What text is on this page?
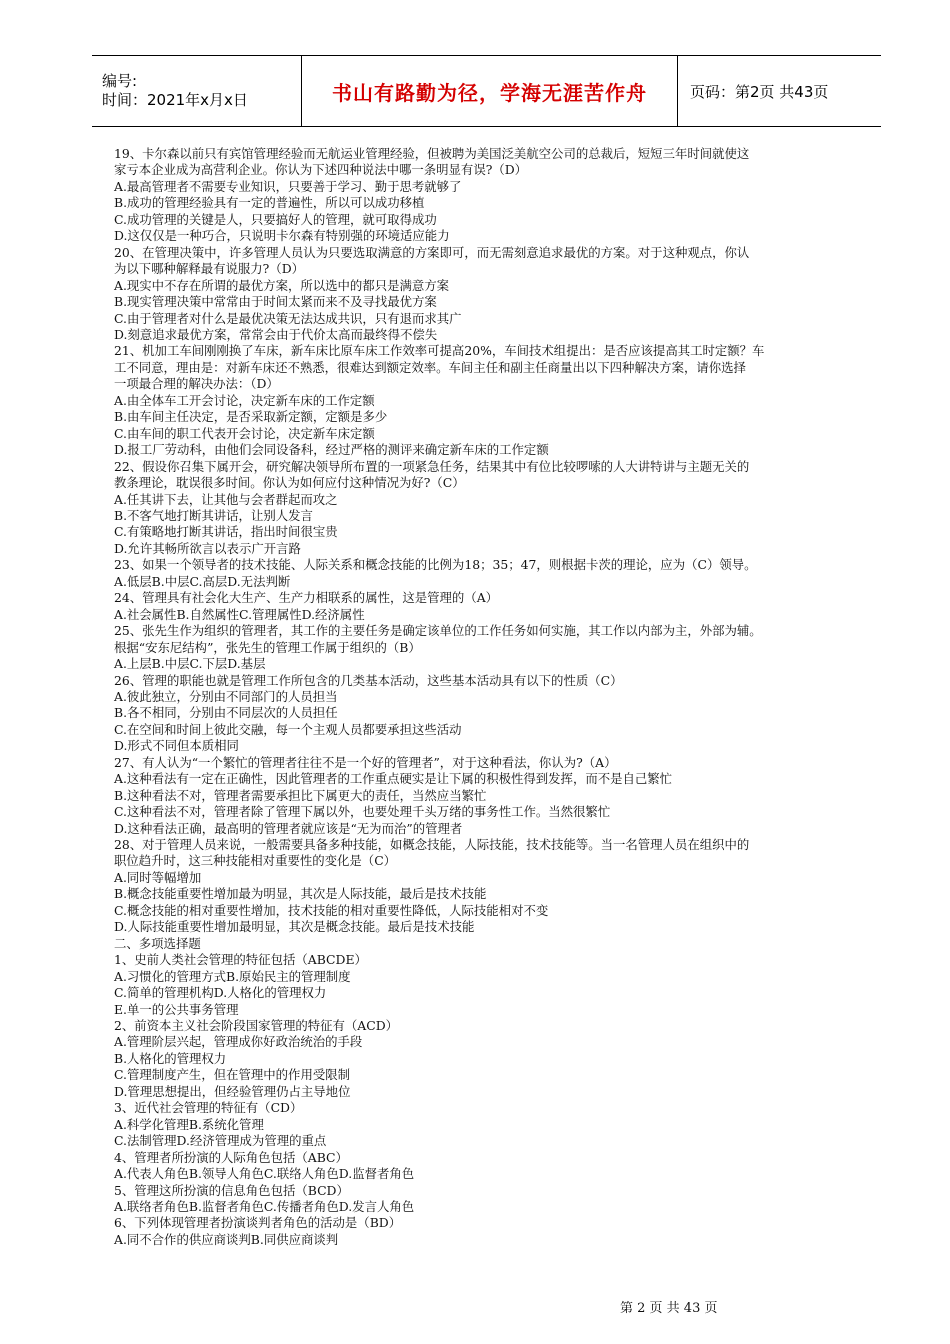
编号:
时间：2021年x月x日	书山有路勤为径，学海无涯苦作舟	页码：第2页 共43页

19、卡尔森以前只有宾馆管理经验而无航运业管理经验，但被聘为美国泛美航空公司的总裁后，短短三年时间就使这

家亏本企业成为高营利企业。你认为下述四种说法中哪一条明显有误?（D）

A.最高管理者不需要专业知识，只要善于学习、勤于思考就够了

B.成功的管理经验具有一定的普遍性，所以可以成功移植

C.成功管理的关键是人，只要搞好人的管理，就可取得成功

D.这仅仅是一种巧合，只说明卡尔森有特别强的环境适应能力

20、在管理决策中，许多管理人员认为只要选取满意的方案即可，而无需刻意追求最优的方案。对于这种观点，你认

为以下哪种解释最有说服力?（D）

A.现实中不存在所谓的最优方案，所以选中的都只是满意方案

B.现实管理决策中常常由于时间太紧而来不及寻找最优方案

C.由于管理者对什么是最优决策无法达成共识，只有退而求其广

D.刻意追求最优方案，常常会由于代价太高而最终得不偿失

21、机加工车间刚刚换了车床，新车床比原车床工作效率可提高20%，车间技术组提出：是否应该提高其工时定额？车

工不同意，理由是：对新车床还不熟悉，很难达到额定效率。车间主任和副主任商量出以下四种解决方案，请你选择

一项最合理的解决办法：（D）

A.由全体车工开会讨论，决定新车床的工作定额

B.由车间主任决定，是否采取新定额，定额是多少

C.由车间的职工代表开会讨论，决定新车床定额

D.报工厂劳动科，由他们会同设备科，经过严格的测评来确定新车床的工作定额

22、假设你召集下属开会，研究解决领导所布置的一项紧急任务，结果其中有位比较啰嗦的人大讲特讲与主题无关的

教条理论，耽误很多时间。你认为如何应付这种情况为好?（C）

A.任其讲下去，让其他与会者群起而攻之

B.不客气地打断其讲话，让别人发言

C.有策略地打断其讲话，指出时间很宝贵

D.允许其畅所欲言以表示广开言路

23、如果一个领导者的技术技能、人际关系和概念技能的比例为18；35；47，则根据卡茨的理论，应为（C）领导。

A.低层B.中层C.高层D.无法判断

24、管理具有社会化大生产、生产力相联系的属性，这是管理的（A）

A.社会属性B.自然属性C.管理属性D.经济属性

25、张先生作为组织的管理者，其工作的主要任务是确定该单位的工作任务如何实施，其工作以内部为主，外部为辅。

根据“安东尼结构”，张先生的管理工作属于组织的（B）

A.上层B.中层C.下层D.基层

26、管理的职能也就是管理工作所包含的几类基本活动，这些基本活动具有以下的性质（C）

A.彼此独立，分别由不同部门的人员担当

B.各不相同，分别由不同层次的人员担任

C.在空间和时间上彼此交融，每一个主观人员都要承担这些活动

D.形式不同但本质相同

27、有人认为“一个繁忙的管理者往往不是一个好的管理者”，对于这种看法，你认为?（A）

A.这种看法有一定在正确性，因此管理者的工作重点硬实是让下属的积极性得到发挥，而不是自己繁忙

B.这种看法不对，管理者需要承担比下属更大的责任，当然应当繁忙

C.这种看法不对，管理者除了管理下属以外，也要处理千头万绪的事务性工作。当然很繁忙

D.这种看法正确，最高明的管理者就应该是“无为而治”的管理者

28、对于管理人员来说，一般需要具备多种技能，如概念技能，人际技能，技术技能等。当一名管理人员在组织中的

职位趋升时，这三种技能相对重要性的变化是（C）

A.同时等幅增加

B.概念技能重要性增加最为明显，其次是人际技能，最后是技术技能

C.概念技能的相对重要性增加，技术技能的相对重要性降低，人际技能相对不变

D.人际技能重要性增加最明显，其次是概念技能。最后是技术技能

二、多项选择题

1、史前人类社会管理的特征包括（ABCDE）

A.习惯化的管理方式B.原始民主的管理制度

C.简单的管理机构D.人格化的管理权力

E.单一的公共事务管理

2、前资本主义社会阶段国家管理的特征有（ACD）

A.管理阶层兴起，管理成你好政治统治的手段

B.人格化的管理权力

C.管理制度产生，但在管理中的作用受限制

D.管理思想提出，但经验管理仍占主导地位

3、近代社会管理的特征有（CD）

A.科学化管理B.系统化管理

C.法制管理D.经济管理成为管理的重点

4、管理者所扮演的人际角色包括（ABC）

A.代表人角色B.领导人角色C.联络人角色D.监督者角色

5、管理这所扮演的信息角色包括（BCD）

A.联络者角色B.监督者角色C.传播者角色D.发言人角色

6、下列体现管理者扮演谈判者角色的活动是（BD）

A.同不合作的供应商谈判B.同供应商谈判

第 2 页 共 43 页
